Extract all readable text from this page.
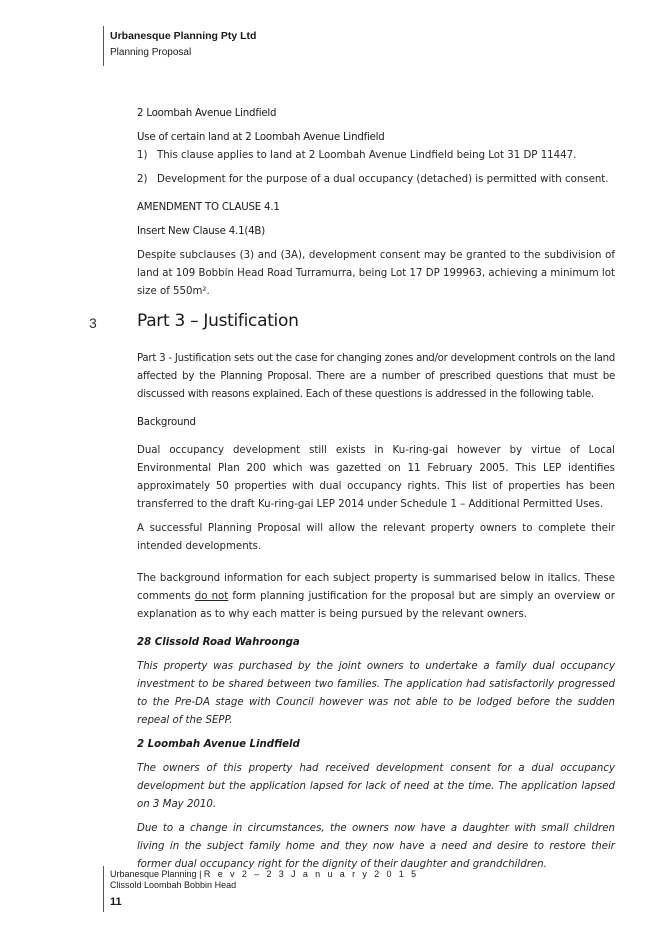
Urbanesque Planning Pty Ltd
Planning Proposal
3 Part 3 – Justification

2 Loombah Avenue Lindfield

Use of certain land at 2 Loombah Avenue Lindfield

1) This clause applies to land at 2 Loombah Avenue Lindfield being Lot 31 DP 11447.
2) Development for the purpose of a dual occupancy (detached) is permitted with consent.

AMENDMENT TO CLAUSE 4.1

Insert New Clause 4.1(4B)

Despite subclauses (3) and (3A), development consent may be granted to the subdivision of land at 109 Bobbin Head Road Turramurra, being Lot 17 DP 199963, achieving a minimum lot size of 550m².

Part 3 - Justification sets out the case for changing zones and/or development controls on the land affected by the Planning Proposal. There are a number of prescribed questions that must be discussed with reasons explained. Each of these questions is addressed in the following table.

Background

Dual occupancy development still exists in Ku-ring-gai however by virtue of Local Environmental Plan 200 which was gazetted on 11 February 2005. This LEP identifies approximately 50 properties with dual occupancy rights. This list of properties has been transferred to the draft Ku-ring-gai LEP 2014 under Schedule 1 – Additional Permitted Uses.

A successful Planning Proposal will allow the relevant property owners to complete their intended developments.

The background information for each subject property is summarised below in italics. These comments do not form planning justification for the proposal but are simply an overview or explanation as to why each matter is being pursued by the relevant owners.

28 Clissold Road Wahroonga

This property was purchased by the joint owners to undertake a family dual occupancy investment to be shared between two families. The application had satisfactorily progressed to the Pre-DA stage with Council however was not able to be lodged before the sudden repeal of the SEPP.

2 Loombah Avenue Lindfield

The owners of this property had received development consent for a dual occupancy development but the application lapsed for lack of need at the time. The application lapsed on 3 May 2010.

Due to a change in circumstances, the owners now have a daughter with small children living in the subject family home and they now have a need and desire to restore their former dual occupancy right for the dignity of their daughter and grandchildren.

Urbanesque Planning | R e v 2 – 2 3 J a n u a r y 2 0 1 5
Clissold Loombah Bobbin Head
11
